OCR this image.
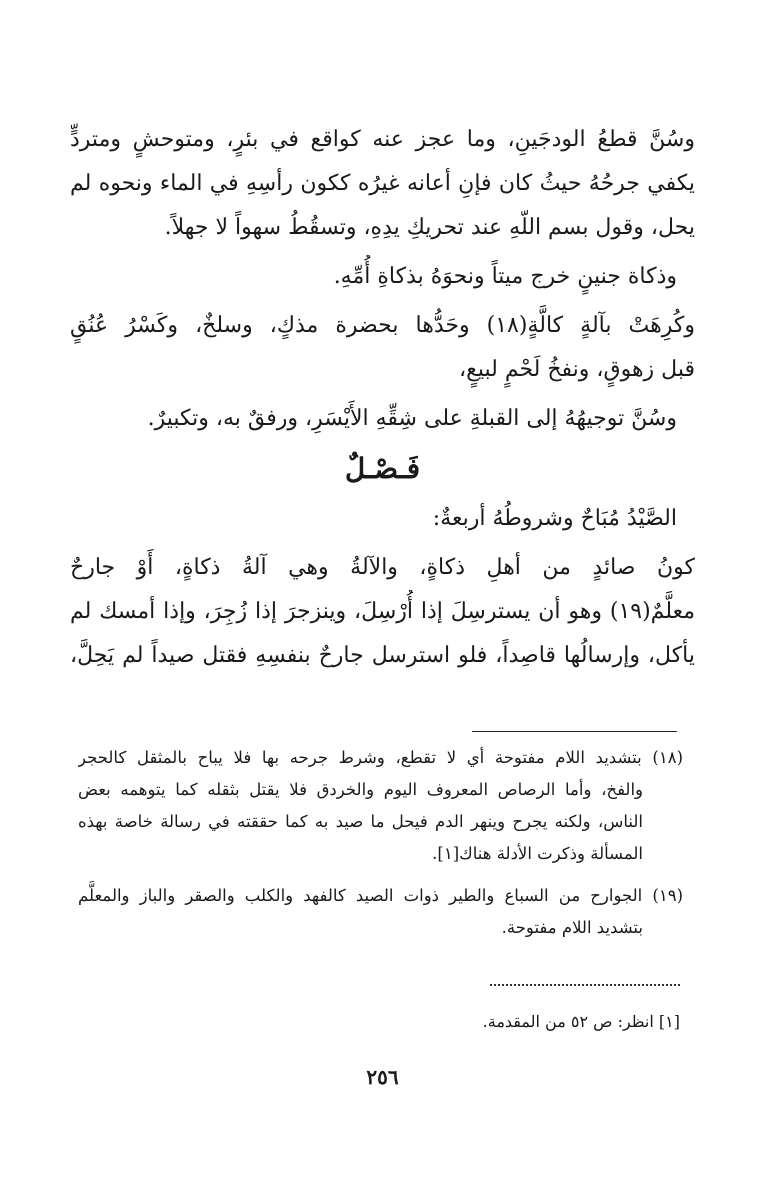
وسُنَّ قطعُ الودجَينِ، وما عجز عنه كواقع في بئرٍ، ومتوحشٍ ومتردٍّ
يكفي جرحُهُ حيثُ كان فإنِ أعانه غيرُه ككون رأسِهِ في الماء ونحوه لم
يحل، وقول بسم اللّهِ عند تحريكِ يدِهِ، وتسقُطُ سهواً لا جهلاً.
وذكاة جنينٍ خرج ميتاً ونحوَهُ بذكاةِ أُمِّهِ.
وكُرِهَتْ بآلةٍ كالَّةٍ(١٨) وحَدُّها بحضرة مذكٍ، وسلخٌ، وكَسْرُ عُنُقٍ
قبل زهوقٍ، ونفخُ لَحْمٍ لبيعٍ،
وسُنَّ توجيهُهُ إلى القبلةِ على شِقِّهِ الأَيْسَرِ، ورفقٌ به، وتكبيرٌ.
فَـصْـلٌ
الصَّيْدُ مُبَاحٌ وشروطُهُ أربعةٌ:
كونُ صائدٍ من أهلِ ذكاةٍ، والآلةُ وهي آلةُ ذكاةٍ، أَوْ جارحٌ
معلَّمٌ(١٩) وهو أن يسترسِلَ إذا أُرْسِلَ، وينزجرَ إذا زُجِرَ، وإذا أمسك لم
يأكل، وإرسالُها قاصِداً، فلو استرسل جارحٌ بنفسِهِ فقتل صيداً لم يَحِلَّ،
(١٨) بتشديد اللام مفتوحة أي لا تقطع، وشرط جرحه بها فلا يباح بالمثقل كالحجر
والفخ، وأما الرصاص المعروف اليوم والخردق فلا يقتل بثقله كما يتوهمه بعض
الناس، ولكنه يجرح وينهر الدم فيحل ما صيد به كما حققته في رسالة خاصة بهذه
المسألة وذكرت الأدلة هناك[١].
(١٩) الجوارح من السباع والطير ذوات الصيد كالفهد والكلب والصقر والباز والمعلَّم
بتشديد اللام مفتوحة.
[١] انظر: ص ٥٢ من المقدمة.
٢٥٦
